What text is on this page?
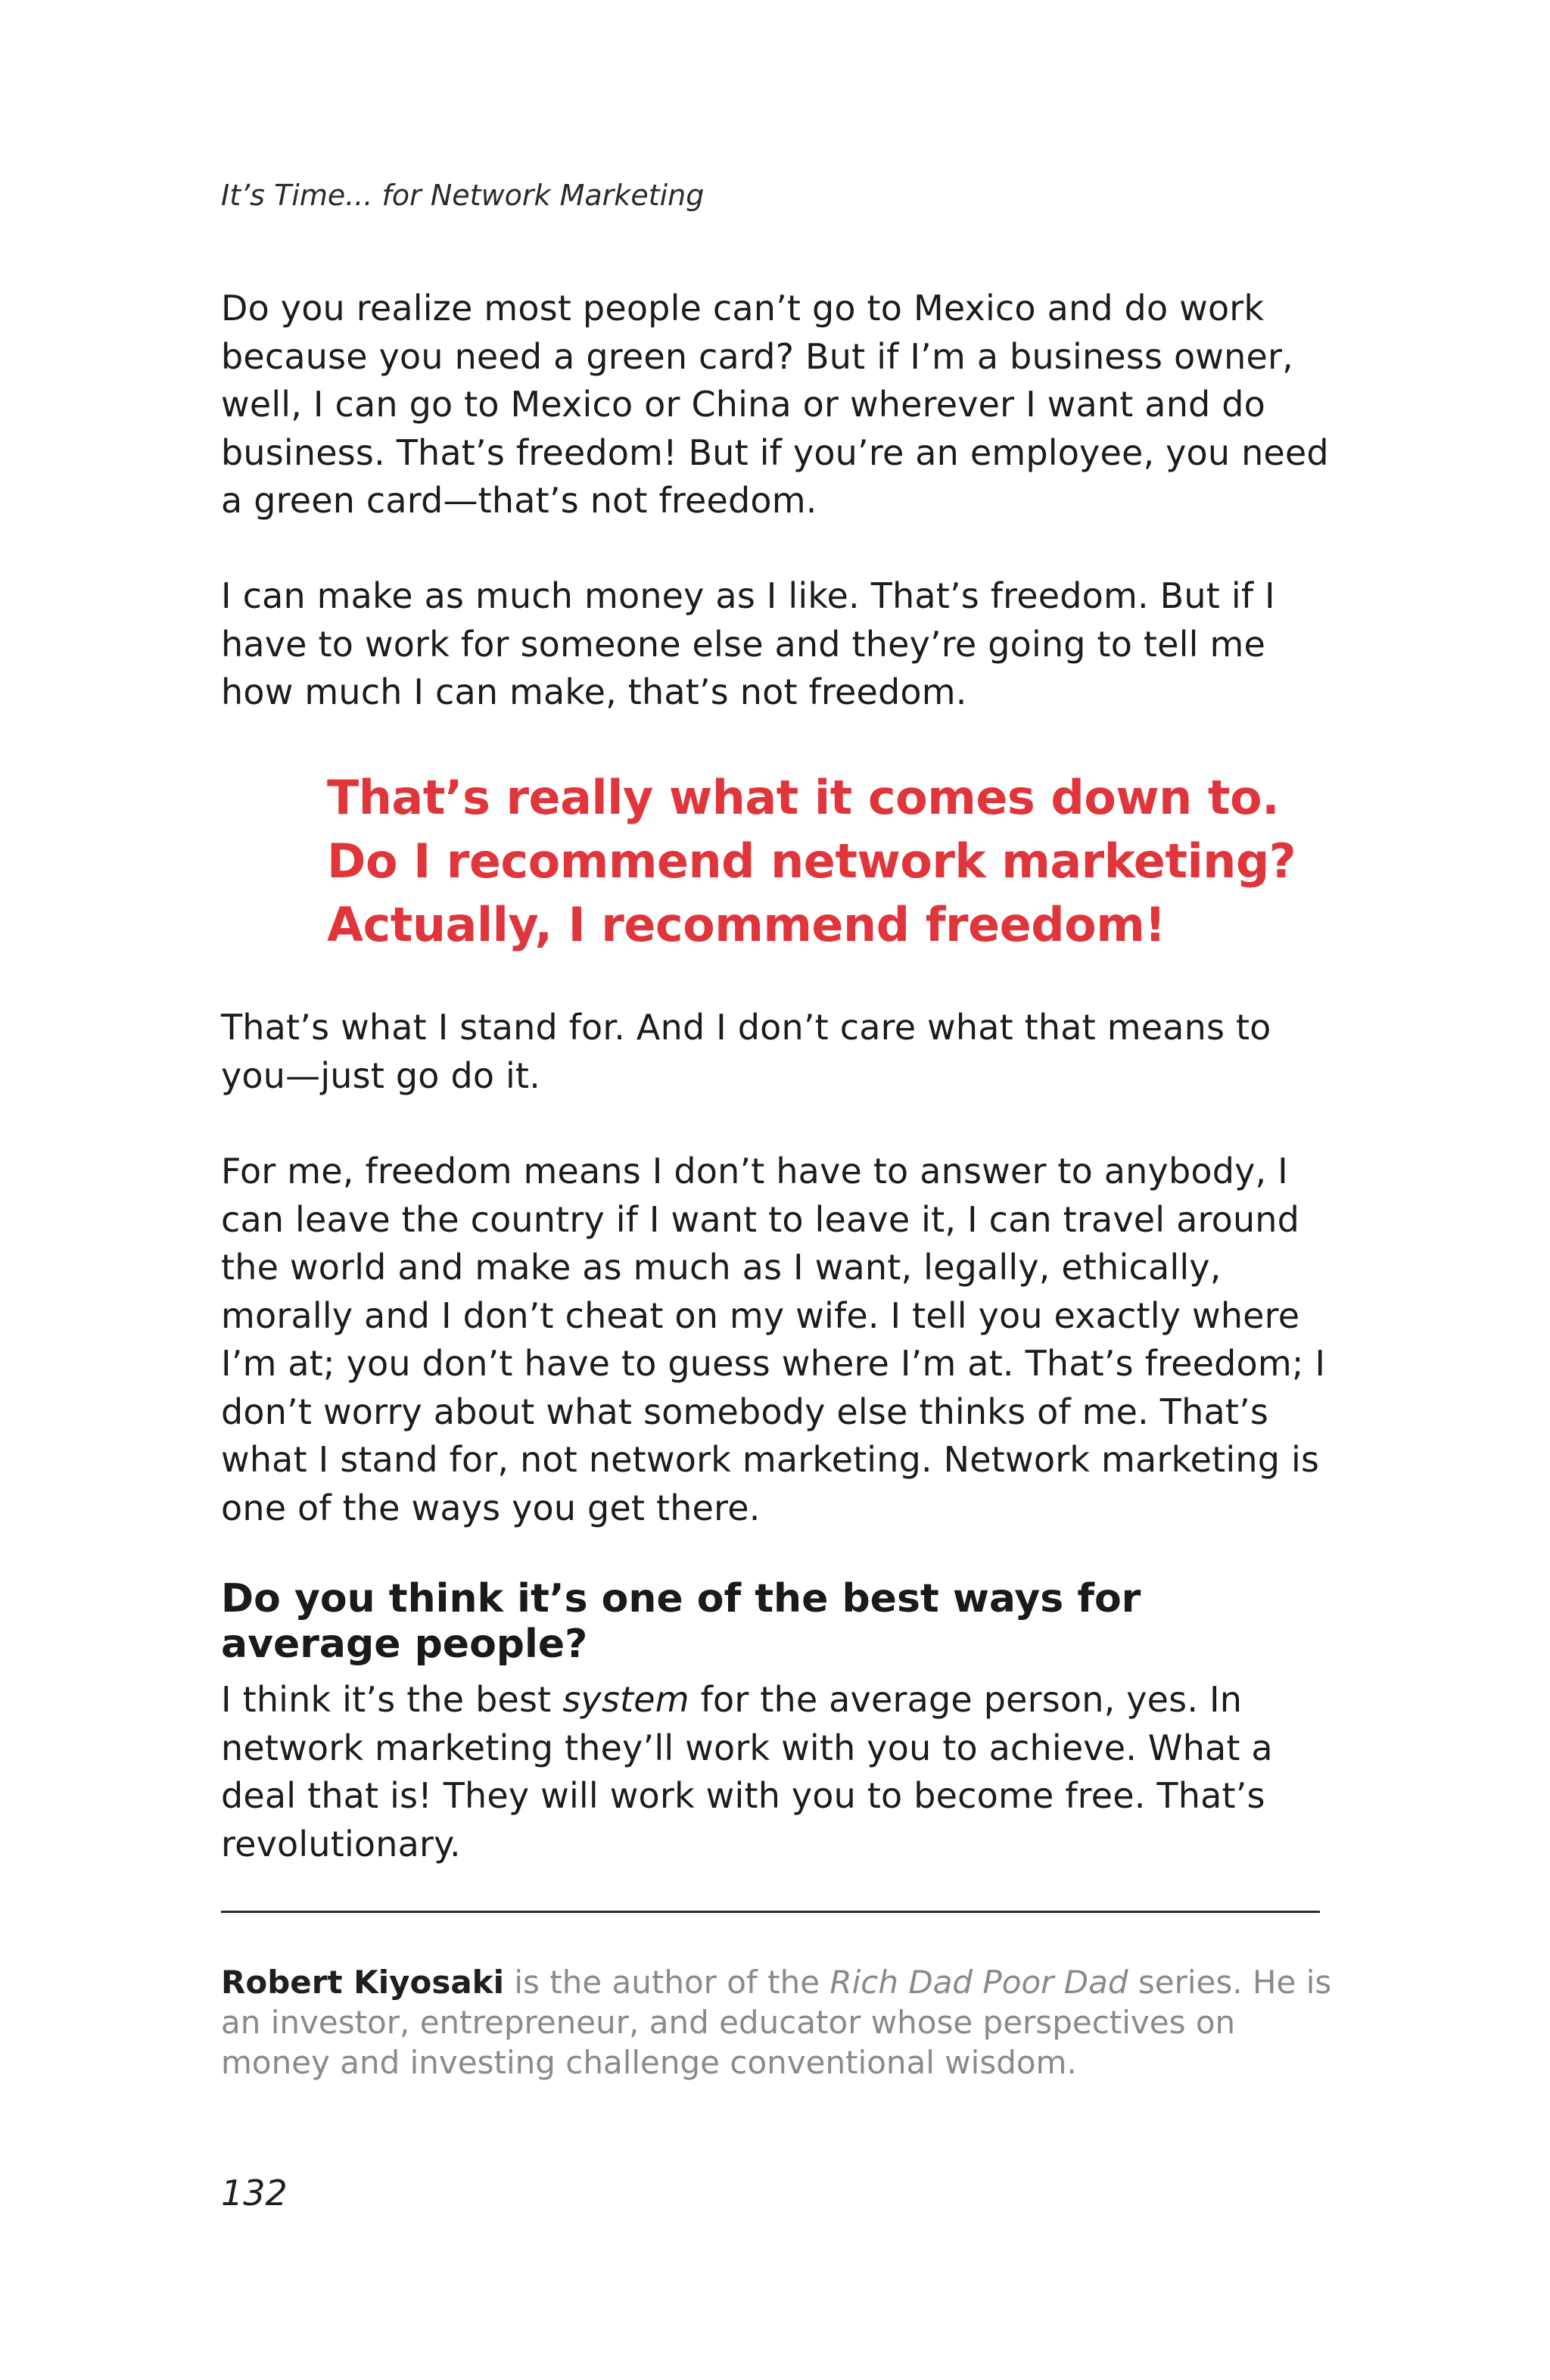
It’s Time... for Network Marketing
Do you realize most people can’t go to Mexico and do work because you need a green card? But if I’m a business owner, well, I can go to Mexico or China or wherever I want and do business. That’s freedom! But if you’re an employee, you need a green card—that’s not freedom.
I can make as much money as I like. That’s freedom. But if I have to work for someone else and they’re going to tell me how much I can make, that’s not freedom.
That’s really what it comes down to. Do I recommend network marketing? Actually, I recommend freedom!
That’s what I stand for. And I don’t care what that means to you—just go do it.
For me, freedom means I don’t have to answer to anybody, I can leave the country if I want to leave it, I can travel around the world and make as much as I want, legally, ethically, morally and I don’t cheat on my wife. I tell you exactly where I’m at; you don’t have to guess where I’m at. That’s freedom; I don’t worry about what somebody else thinks of me. That’s what I stand for, not network marketing. Network marketing is one of the ways you get there.
Do you think it’s one of the best ways for average people?
I think it’s the best system for the average person, yes. In network marketing they’ll work with you to achieve. What a deal that is! They will work with you to become free. That’s revolutionary.
Robert Kiyosaki is the author of the Rich Dad Poor Dad series. He is an investor, entrepreneur, and educator whose perspectives on money and investing challenge conventional wisdom.
132
